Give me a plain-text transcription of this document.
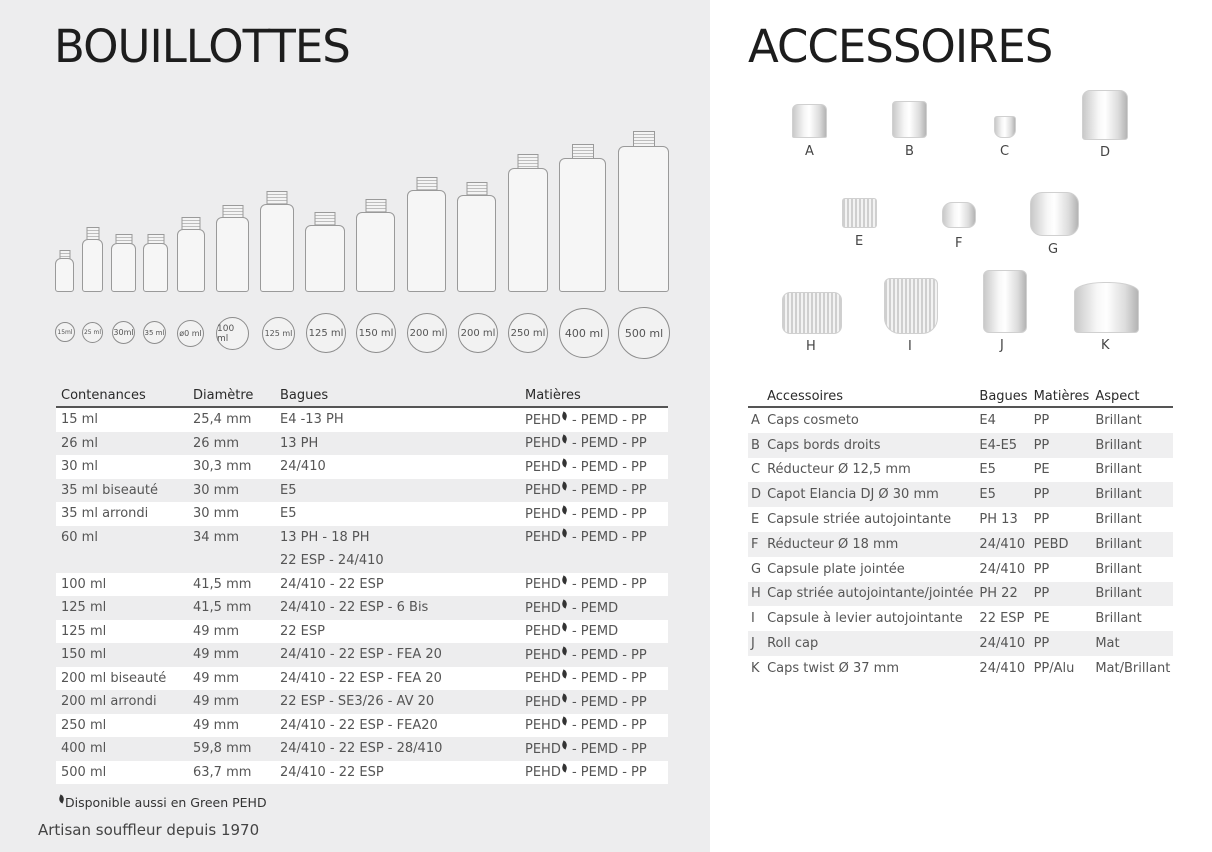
BOUILLOTTES
15ml 25 ml 30ml 35 ml ø0 ml 100 ml	125 ml 125 ml 150 ml 200 ml 200 ml 250 ml 400 ml 500 ml
Contenances	Diamètre	Bagues	Matières
15 ml	25,4 mm	E4 -13 PH	PEHD - PEMD - PP
26 ml	26 mm	13 PH	PEHD - PEMD - PP
30 ml	30,3 mm	24/410	PEHD - PEMD - PP
35 ml biseauté	30 mm	E5	PEHD - PEMD - PP
35 ml arrondi	30 mm	E5	PEHD - PEMD - PP
60 ml	34 mm	13 PH - 18 PH	PEHD - PEMD - PP
		22 ESP - 24/410	
100 ml	41,5 mm	24/410 - 22 ESP	PEHD - PEMD - PP
125 ml	41,5 mm	24/410 - 22 ESP - 6 Bis	PEHD - PEMD
125 ml	49 mm	22 ESP	PEHD - PEMD
150 ml	49 mm	24/410 - 22 ESP - FEA 20	PEHD - PEMD - PP
200 ml biseauté	49 mm	24/410 - 22 ESP - FEA 20	PEHD - PEMD - PP
200 ml arrondi	49 mm	22 ESP - SE3/26 - AV 20	PEHD - PEMD - PP
250 ml	49 mm	24/410 - 22 ESP - FEA20	PEHD - PEMD - PP
400 ml	59,8 mm	24/410 - 22 ESP - 28/410	PEHD - PEMD - PP
500 ml	63,7 mm	24/410 - 22 ESP	PEHD - PEMD - PP
Disponible aussi en Green PEHD
Artisan souffleur depuis 1970
ACCESSOIRES
A	B	C	D
E	F	G
H	I	J	K
	Accessoires	Bagues	Matières	Aspect
A	Caps cosmeto	E4	PP	Brillant
B	Caps bords droits	E4-E5	PP	Brillant
C	Réducteur Ø 12,5 mm	E5	PE	Brillant
D	Capot Elancia DJ Ø 30 mm	E5	PP	Brillant
E	Capsule striée autojointante	PH 13	PP	Brillant
F	Réducteur Ø 18 mm	24/410	PEBD	Brillant
G	Capsule plate jointée	24/410	PP	Brillant
H	Cap striée autojointante/jointée	PH 22	PP	Brillant
I	Capsule à levier autojointante	22 ESP	PE	Brillant
J	Roll cap	24/410	PP	Mat
K	Caps twist Ø 37 mm	24/410	PP/Alu	Mat/Brillant
